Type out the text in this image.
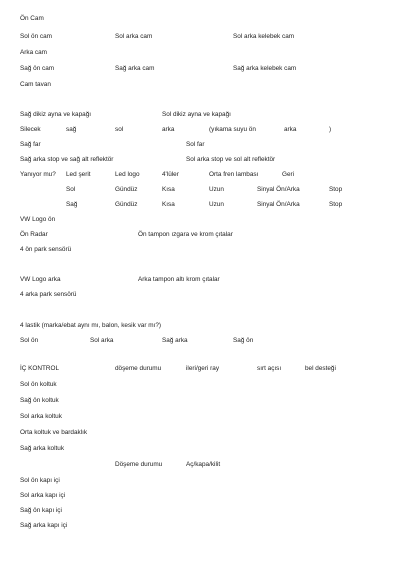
Ön Cam
Sol ön cam	Sol arka cam	Sol arka kelebek cam
Arka cam
Sağ ön cam	Sağ arka cam	Sağ arka kelebek cam
Cam tavan
Sağ dikiz ayna ve kapağı	Sol dikiz ayna ve kapağı
Silecek	sağ	sol	arka	(yıkama suyu ön	arka	)
Sağ far	Sol far
Sağ arka stop ve sağ alt reflektör	Sol arka stop ve sol alt reflektör
Yanıyor mu? Led şerit	Led logo	4'lüler	Orta fren lambası	Geri
Sol	Gündüz	Kısa	Uzun	Sinyal Ön/Arka	Stop
Sağ	Gündüz	Kısa	Uzun	Sinyal Ön/Arka	Stop
VW Logo ön
Ön Radar	Ön tampon ızgara ve krom çıtalar
4 ön park sensörü
VW Logo arka	Arka tampon altı krom çıtalar
4 arka park sensörü
4 lastik (marka/ebat aynı mı, balon, kesik var mı?)
Sol ön	Sol arka	Sağ arka	Sağ ön
İÇ KONTROL	döşeme durumu	ileri/geri ray	sırt açısı	bel desteği
Sol ön koltuk
Sağ ön koltuk
Sol arka koltuk
Orta koltuk ve bardaklık
Sağ arka koltuk
Döşeme durumu	Aç/kapa/kilit
Sol ön kapı içi
Sol arka kapı içi
Sağ ön kapı içi
Sağ arka kapı içi
